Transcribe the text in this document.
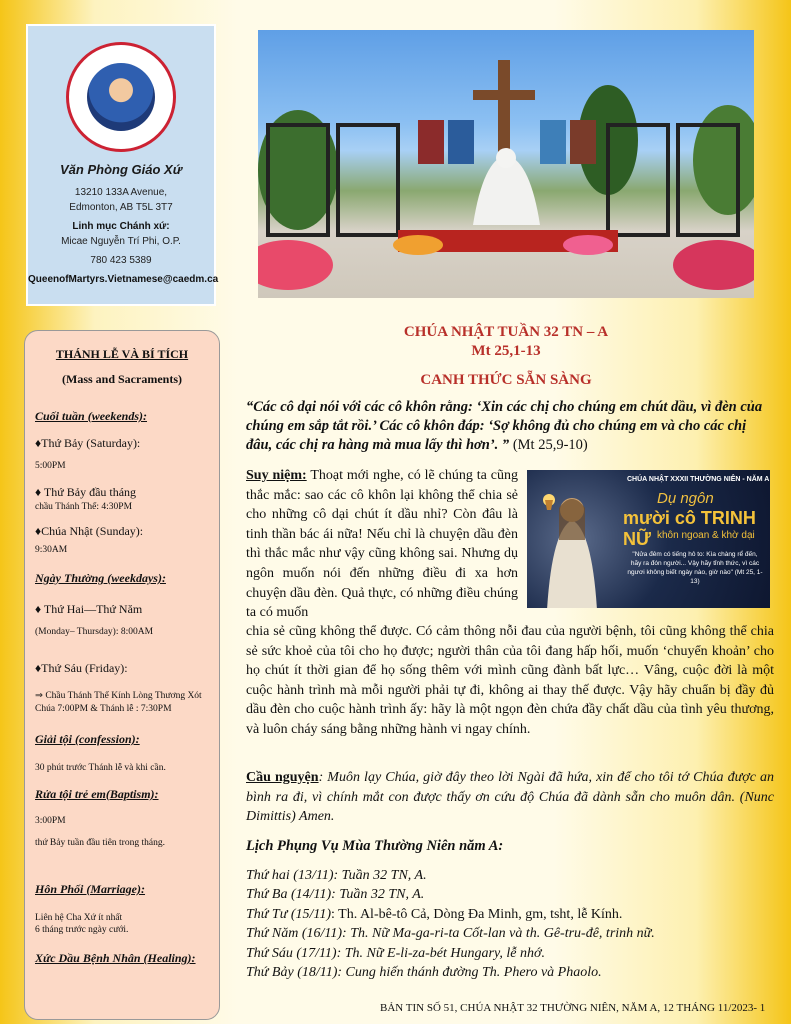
Văn Phòng Giáo Xứ
13210 133A Avenue,
Edmonton, AB T5L 3T7
Linh mục Chánh xứ:
Micae Nguyễn Trí Phi, O.P.
780 423 5389
QueenofMartyrs.Vietnamese@caedm.ca
THÁNH LỄ VÀ BÍ TÍCH
(Mass and Sacraments)
Cuối tuần (weekends):
♦Thứ Bảy (Saturday):
5:00PM
♦ Thứ Bảy đầu tháng
chầu Thánh Thể: 4:30PM
♦Chúa Nhật (Sunday):
9:30AM
Ngày Thường (weekdays):
♦ Thứ Hai—Thứ Năm
(Monday– Thursday): 8:00AM
♦Thứ Sáu (Friday):
⇒ Chầu Thánh Thể Kính Lòng Thương Xót Chúa 7:00PM & Thánh lễ : 7:30PM
Giải tội (confession):
30 phút trước Thánh lễ và khi cần.
Rửa tội trẻ em(Baptism):
3:00PM
thứ Bảy tuần đầu tiên trong tháng.
Hôn Phối (Marriage):
Liên hệ Cha Xứ ít nhất
6 tháng trước ngày cưới.
Xức Dầu Bệnh Nhân (Healing):
CHÚA NHẬT TUẦN 32 TN – A
Mt 25,1-13
CANH THỨC SẴN SÀNG
“Các cô dại nói với các cô khôn rằng: ‘Xin các chị cho chúng em chút dầu, vì đèn của chúng em sắp tắt rồi.’ Các cô khôn đáp: ‘Sợ không đủ cho chúng em và cho các chị đâu, các chị ra hàng mà mua lấy thì hơn’. ” (Mt 25,9-10)
Suy niệm: Thoạt mới nghe, có lẽ chúng ta cũng thắc mắc: sao các cô khôn lại không thể chia sẻ cho những cô dại chút ít dầu nhỉ? Còn đâu là tinh thần bác ái nữa! Nếu chỉ là chuyện dầu đèn thì thắc mắc như vậy cũng không sai. Nhưng dụ ngôn muốn nói đến những điều đi xa hơn chuyện dầu đèn. Quả thực, có những điều chúng ta có muốn
CHÚA NHẬT XXXII THƯỜNG NIÊN - NĂM A
Dụ ngôn
mười cô TRINH NỮ khôn ngoan & khờ dại
"Nửa đêm có tiếng hô to: Kìa chàng rể đến, hãy ra đón người... Vậy hãy tỉnh thức, vì các ngươi không biết ngày nào, giờ nào" (Mt 25, 1-13)
chia sẻ cũng không thể được. Có cảm thông nỗi đau của người bệnh, tôi cũng không thể chia sẻ sức khoẻ của tôi cho họ được; người thân của tôi đang hấp hối, muốn ‘chuyển khoản’ cho họ chút ít thời gian để họ sống thêm với mình cũng đành bất lực… Vâng, cuộc đời là một cuộc hành trình mà mỗi người phải tự đi, không ai thay thế được. Vậy hãy chuẩn bị đầy đủ dầu đèn cho cuộc hành trình ấy: hãy là một ngọn đèn chứa đầy chất dầu của tình yêu thương, và luôn cháy sáng bằng những hành vi ngay chính.
Cầu nguyện: Muôn lạy Chúa, giờ đây theo lời Ngài đã hứa, xin để cho tôi tớ Chúa được an bình ra đi, vì chính mắt con được thấy ơn cứu độ Chúa đã dành sẵn cho muôn dân. (Nunc Dimittis) Amen.
Lịch Phụng Vụ Mùa Thường Niên năm A:
Thứ hai (13/11): Tuần 32 TN, A.
Thứ Ba (14/11): Tuần 32 TN, A.
Thứ Tư (15/11): Th. Al-bê-tô Cả, Dòng Đa Minh, gm, tsht, lễ Kính.
Thứ Năm (16/11): Th. Nữ Ma-ga-ri-ta Cốt-lan và th. Gê-tru-đê, trinh nữ.
Thứ Sáu (17/11): Th. Nữ E-li-za-bét Hungary, lễ nhớ.
Thứ Bảy (18/11): Cung hiến thánh đường Th. Phero và Phaolo.
BẢN TIN SỐ 51, CHÚA NHẬT 32 THƯỜNG NIÊN, NĂM A, 12 THÁNG 11/2023- 1
